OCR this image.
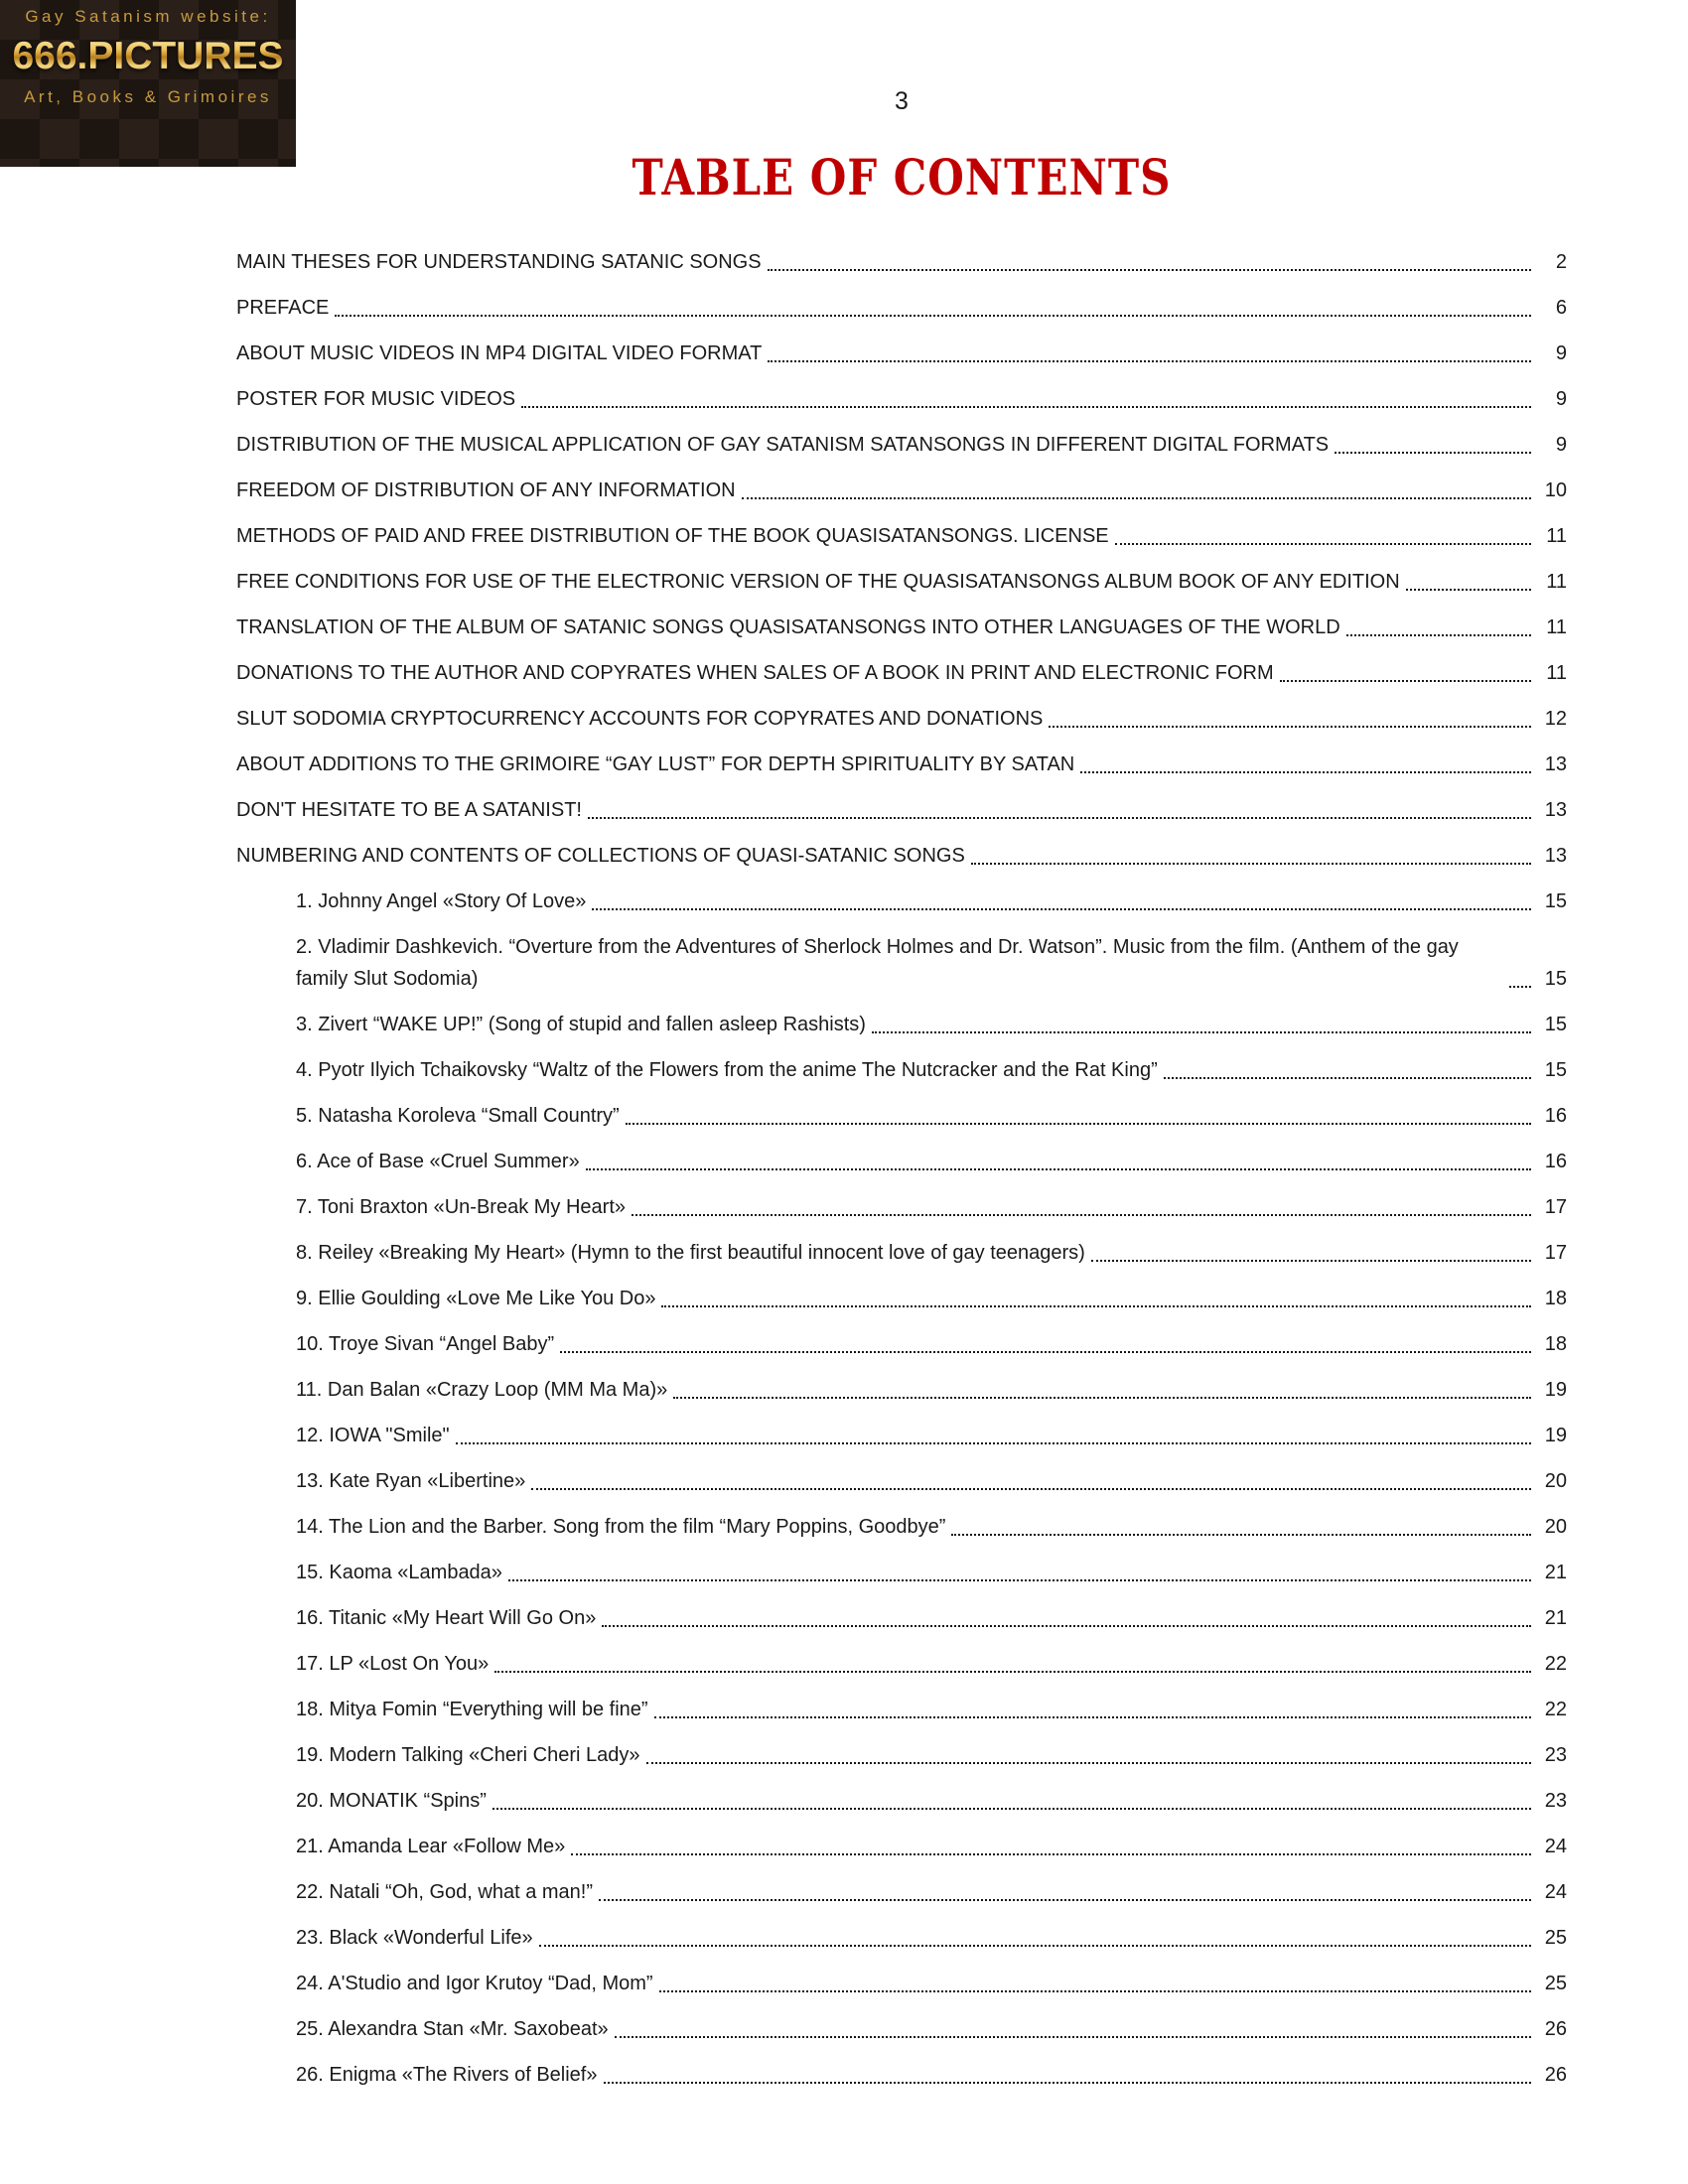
Gay Satanism website:
666.PICTURES
Art, Books & Grimoires	3
TABLE OF CONTENTS
MAIN THESES FOR UNDERSTANDING SATANIC SONGS	2
PREFACE	6
ABOUT MUSIC VIDEOS IN MP4 DIGITAL VIDEO FORMAT	9
POSTER FOR MUSIC VIDEOS	9
DISTRIBUTION OF THE MUSICAL APPLICATION OF GAY SATANISM SATANSONGS IN DIFFERENT DIGITAL FORMATS	9
FREEDOM OF DISTRIBUTION OF ANY INFORMATION	10
METHODS OF PAID AND FREE DISTRIBUTION OF THE BOOK QUASISATANSONGS. LICENSE	11
FREE CONDITIONS FOR USE OF THE ELECTRONIC VERSION OF THE QUASISATANSONGS ALBUM BOOK OF ANY EDITION	11
TRANSLATION OF THE ALBUM OF SATANIC SONGS QUASISATANSONGS INTO OTHER LANGUAGES OF THE WORLD	11
DONATIONS TO THE AUTHOR AND COPYRATES WHEN SALES OF A BOOK IN PRINT AND ELECTRONIC FORM	11
SLUT SODOMIA CRYPTOCURRENCY ACCOUNTS FOR COPYRATES AND DONATIONS	12
ABOUT ADDITIONS TO THE GRIMOIRE “GAY LUST” FOR DEPTH SPIRITUALITY BY SATAN	13
DON'T HESITATE TO BE A SATANIST!	13
NUMBERING AND CONTENTS OF COLLECTIONS OF QUASI-SATANIC SONGS	13
1. Johnny Angel «Story Of Love»	15
2. Vladimir Dashkevich. “Overture from the Adventures of Sherlock Holmes and Dr. Watson”. Music from the film. (Anthem of the gay family Slut Sodomia)	15
3. Zivert “WAKE UP!” (Song of stupid and fallen asleep Rashists)	15
4. Pyotr Ilyich Tchaikovsky “Waltz of the Flowers from the anime The Nutcracker and the Rat King”	15
5. Natasha Koroleva “Small Country”	16
6. Ace of Base «Cruel Summer»	16
7. Toni Braxton «Un-Break My Heart»	17
8. Reiley «Breaking My Heart» (Hymn to the first beautiful innocent love of gay teenagers)	17
9. Ellie Goulding «Love Me Like You Do»	18
10. Troye Sivan “Angel Baby”	18
11. Dan Balan «Crazy Loop (MM Ma Ma)»	19
12. IOWA "Smile"	19
13. Kate Ryan «Libertine»	20
14. The Lion and the Barber. Song from the film “Mary Poppins, Goodbye”	20
15. Kaoma «Lambada»	21
16. Titanic «My Heart Will Go On»	21
17. LP «Lost On You»	22
18. Mitya Fomin “Everything will be fine”	22
19. Modern Talking «Cheri Cheri Lady»	23
20. MONATIK “Spins”	23
21. Amanda Lear «Follow Me»	24
22. Natali “Oh, God, what a man!”	24
23. Black «Wonderful Life»	25
24. A'Studio and Igor Krutoy “Dad, Mom”	25
25. Alexandra Stan «Mr. Saxobeat»	26
26. Enigma «The Rivers of Belief»	26
